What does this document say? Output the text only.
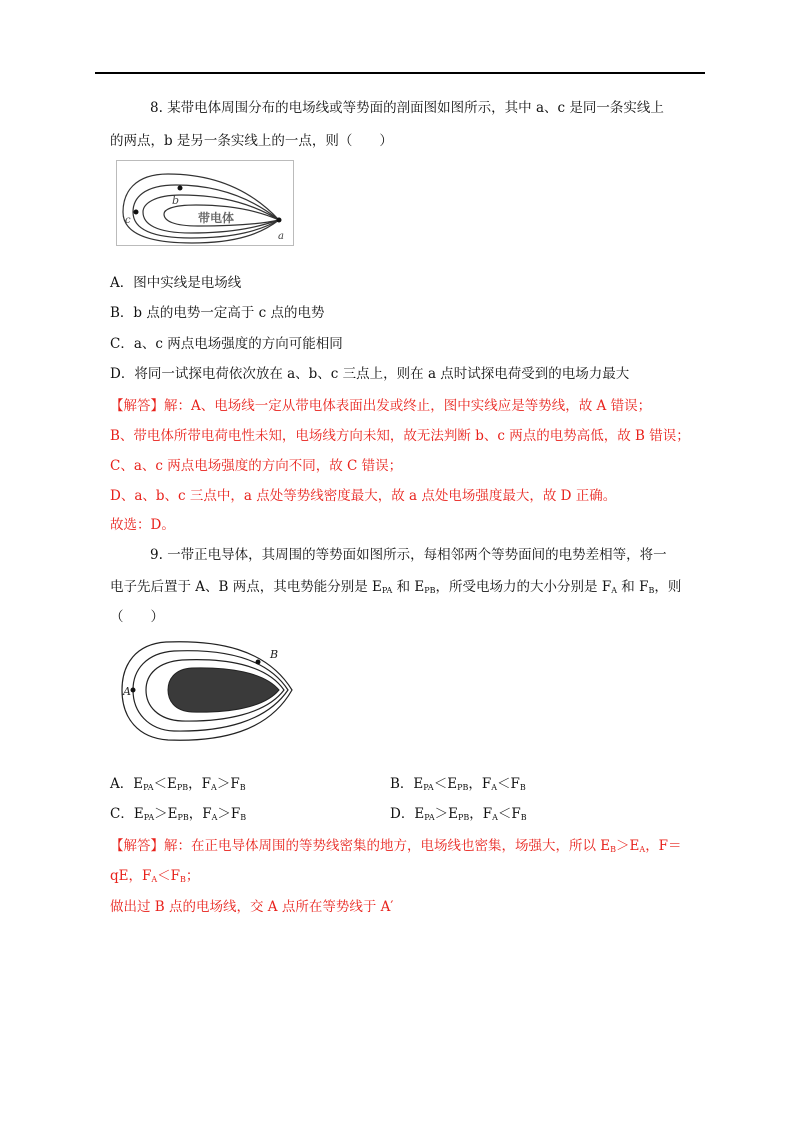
8. 某带电体周围分布的电场线或等势面的剖面图如图所示，其中 a、c 是同一条实线上
的两点，b 是另一条实线上的一点，则（　　）
带电体
a
b
c
A．图中实线是电场线
B．b 点的电势一定高于 c 点的电势
C．a、c 两点电场强度的方向可能相同
D．将同一试探电荷依次放在 a、b、c 三点上，则在 a 点时试探电荷受到的电场力最大
【解答】解：A、电场线一定从带电体表面出发或终止，图中实线应是等势线，故 A 错误；
B、带电体所带电荷电性未知，电场线方向未知，故无法判断 b、c 两点的电势高低，故 B 错误；
C、a、c 两点电场强度的方向不同，故 C 错误；
D、a、b、c 三点中，a 点处等势线密度最大，故 a 点处电场强度最大，故 D 正确。
故选：D。
9. 一带正电导体，其周围的等势面如图所示，每相邻两个等势面间的电势差相等，将一
电子先后置于 A、B 两点，其电势能分别是 $E_{PA}$ 和 $E_{PB}$，所受电场力的大小分别是 $F_A$ 和 $F_B$，则
（　　）
A
B
A．$E_{PA}<E_{PB}$，$F_A>F_B$	B．$E_{PA}<E_{PB}$，$F_A<F_B$
C．$E_{PA}>E_{PB}$，$F_A>F_B$	D．$E_{PA}>E_{PB}$，$F_A<F_B$
【解答】解：在正电导体周围的等势线密集的地方，电场线也密集，场强大，所以 $E_B>E_A$，F＝
qE，$F_A<F_B$；
做出过 B 点的电场线，交 A 点所在等势线于 A′
